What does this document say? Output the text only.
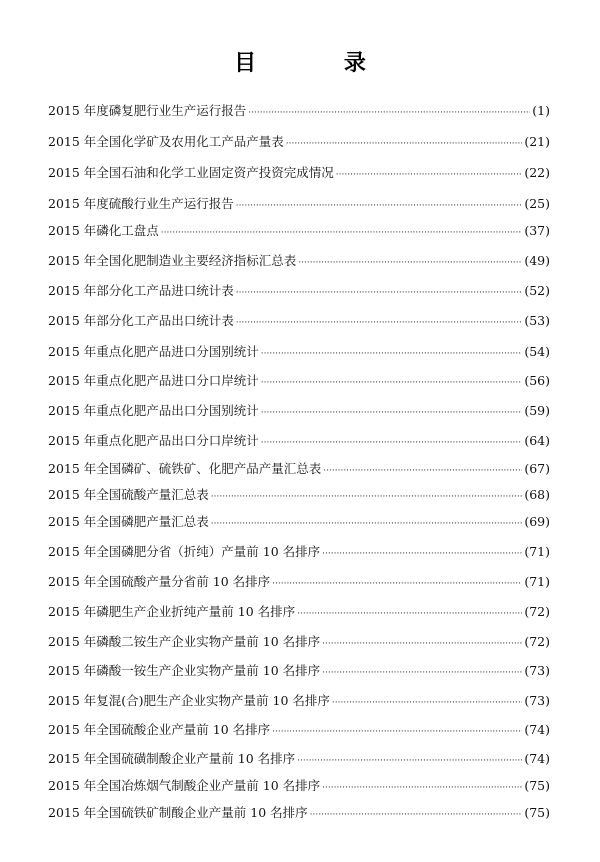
目 录
2015 年度磷复肥行业生产运行报告 ·····	(1)
2015 年全国化学矿及农用化工产品产量表 ·····	(21)
2015 年全国石油和化学工业固定资产投资完成情况 ·····	(22)
2015 年度硫酸行业生产运行报告 ·····	(25)
2015 年磷化工盘点 ·····	(37)
2015 年全国化肥制造业主要经济指标汇总表 ·····	(49)
2015 年部分化工产品进口统计表 ·····	(52)
2015 年部分化工产品出口统计表 ·····	(53)
2015 年重点化肥产品进口分国别统计 ·····	(54)
2015 年重点化肥产品进口分口岸统计 ·····	(56)
2015 年重点化肥产品出口分国别统计 ·····	(59)
2015 年重点化肥产品出口分口岸统计 ·····	(64)
2015 年全国磷矿、硫铁矿、化肥产品产量汇总表 ·····	(67)
2015 年全国硫酸产量汇总表 ·····	(68)
2015 年全国磷肥产量汇总表 ·····	(69)
2015 年全国磷肥分省（折纯）产量前 10 名排序 ·····	(71)
2015 年全国硫酸产量分省前 10 名排序 ·····	(71)
2015 年磷肥生产企业折纯产量前 10 名排序 ·····	(72)
2015 年磷酸二铵生产企业实物产量前 10 名排序 ·····	(72)
2015 年磷酸一铵生产企业实物产量前 10 名排序 ·····	(73)
2015 年复混(合)肥生产企业实物产量前 10 名排序 ·····	(73)
2015 年全国硫酸企业产量前 10 名排序 ·····	(74)
2015 年全国硫磺制酸企业产量前 10 名排序 ·····	(74)
2015 年全国冶炼烟气制酸企业产量前 10 名排序 ·····	(75)
2015 年全国硫铁矿制酸企业产量前 10 名排序 ·····	(75)
